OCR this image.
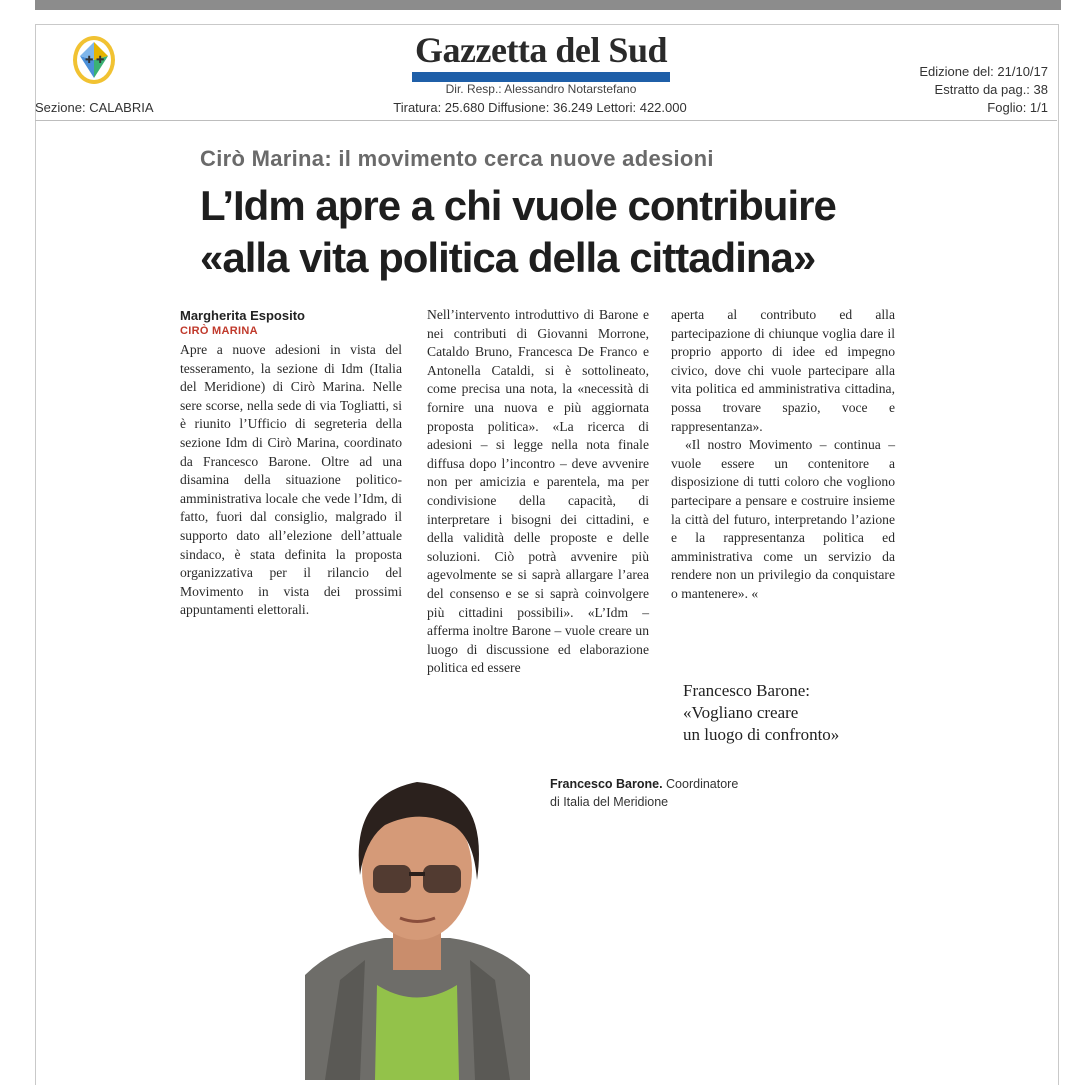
✚ ✚
Sezione: CALABRIA
Gazzetta del Sud
Dir. Resp.: Alessandro Notarstefano
Tiratura: 25.680 Diffusione: 36.249 Lettori: 422.000
Edizione del: 21/10/17
Estratto da pag.: 38
Foglio: 1/1
Cirò Marina: il movimento cerca nuove adesioni
L’Idm apre a chi vuole contribuire
«alla vita politica della cittadina»
Margherita Esposito
CIRÒ MARINA

Apre a nuove adesioni in vista del tesseramento, la sezione di Idm (Italia del Meridione) di Cirò Marina. Nelle sere scorse, nella sede di via Togliatti, si è riunito l’Ufficio di segreteria della sezione Idm di Cirò Marina, coordinato da Francesco Barone. Oltre ad una disamina della situazione politico-amministrativa locale che vede l’Idm, di fatto, fuori dal consiglio, malgrado il supporto dato all’elezione dell’attuale sindaco, è stata definita la proposta organizzativa per il rilancio del Movimento in vista dei prossimi appuntamenti elettorali.

Nell’intervento introduttivo di Barone e nei contributi di Giovanni Morrone, Cataldo Bruno, Francesca De Franco e Antonella Cataldi, si è sottolineato, come precisa una nota, la «necessità di fornire una nuova e più aggiornata proposta politica». «La ricerca di adesioni – si legge nella nota finale diffusa dopo l’incontro – deve avvenire non per amicizia e parentela, ma per condivisione della capacità, di interpretare i bisogni dei cittadini, e della validità delle proposte e delle soluzioni. Ciò potrà avvenire più agevolmente se si saprà allargare l’area del consenso e se si saprà coinvolgere più cittadini possibili». «L’Idm – afferma inoltre Barone – vuole creare un luogo di discussione ed elaborazione politica ed essere

aperta al contributo ed alla partecipazione di chiunque voglia dare il proprio apporto di idee ed impegno civico, dove chi vuole partecipare alla vita politica ed amministrativa cittadina, possa trovare spazio, voce e rappresentanza».

«Il nostro Movimento – continua – vuole essere un contenitore a disposizione di tutti coloro che vogliono partecipare a pensare e costruire insieme la città del futuro, interpretando l’azione e la rappresentanza politica ed amministrativa come un servizio da rendere non un privilegio da conquistare o mantenere». «

Francesco Barone:
«Vogliano creare
un luogo di confronto»
Francesco Barone. Coordinatore
di Italia del Meridione
